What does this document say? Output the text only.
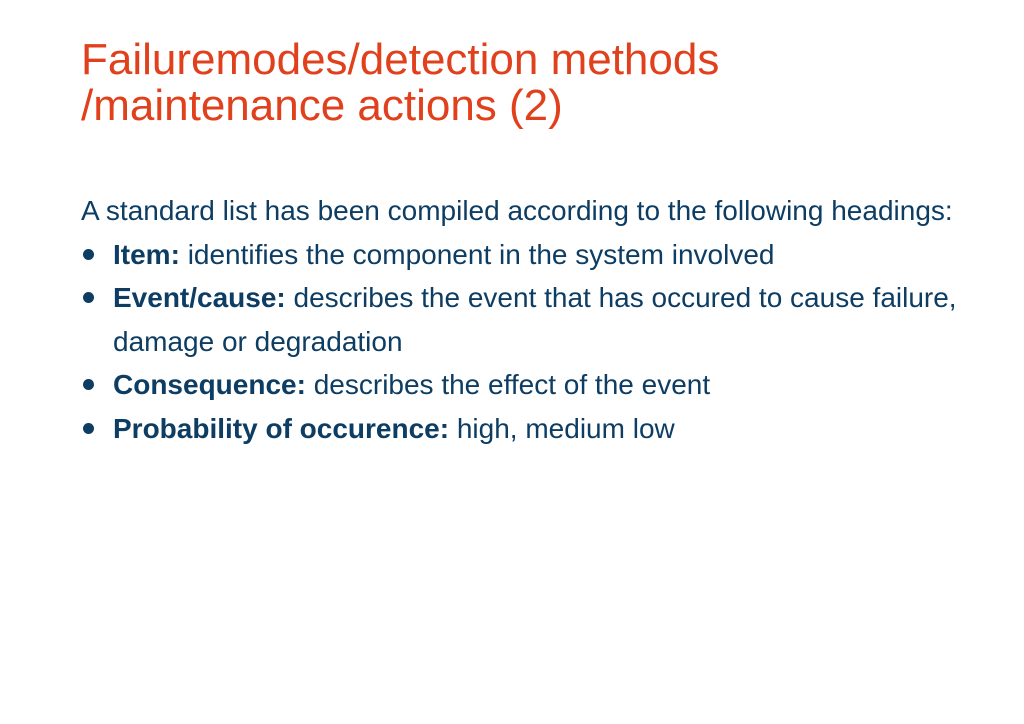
Failuremodes/detection methods
/maintenance actions (2)

A standard list has been compiled according to the following headings:

Item: identifies the component in the system involved
Event/cause: describes the event that has occured to cause failure, damage or degradation
Consequence: describes the effect of the event
Probability of occurence: high, medium low
